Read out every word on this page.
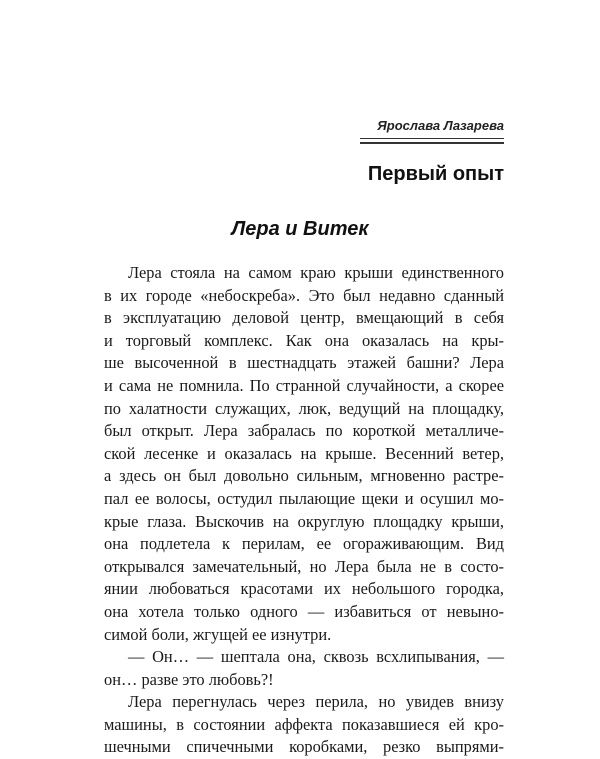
Ярослава Лазарева
Первый опыт
Лера и Витек
Лера стояла на самом краю крыши единственного
в их городе «небоскреба». Это был недавно сданный
в эксплуатацию деловой центр, вмещающий в себя
и торговый комплекс. Как она оказалась на кры-
ше высоченной в шестнадцать этажей башни? Лера
и сама не помнила. По странной случайности, а скорее
по халатности служащих, люк, ведущий на площадку,
был открыт. Лера забралась по короткой металличе-
ской лесенке и оказалась на крыше. Весенний ветер,
а здесь он был довольно сильным, мгновенно растре-
пал ее волосы, остудил пылающие щеки и осушил мо-
крые глаза. Выскочив на округлую площадку крыши,
она подлетела к перилам, ее огораживающим. Вид
открывался замечательный, но Лера была не в состо-
янии любоваться красотами их небольшого городка,
она хотела только одного — избавиться от невыно-
симой боли, жгущей ее изнутри.
— Он… — шептала она, сквозь всхлипывания, —
он… разве это любовь?!
Лера перегнулась через перила, но увидев внизу
машины, в состоянии аффекта показавшиеся ей кро-
шечными спичечными коробками, резко выпрями-
